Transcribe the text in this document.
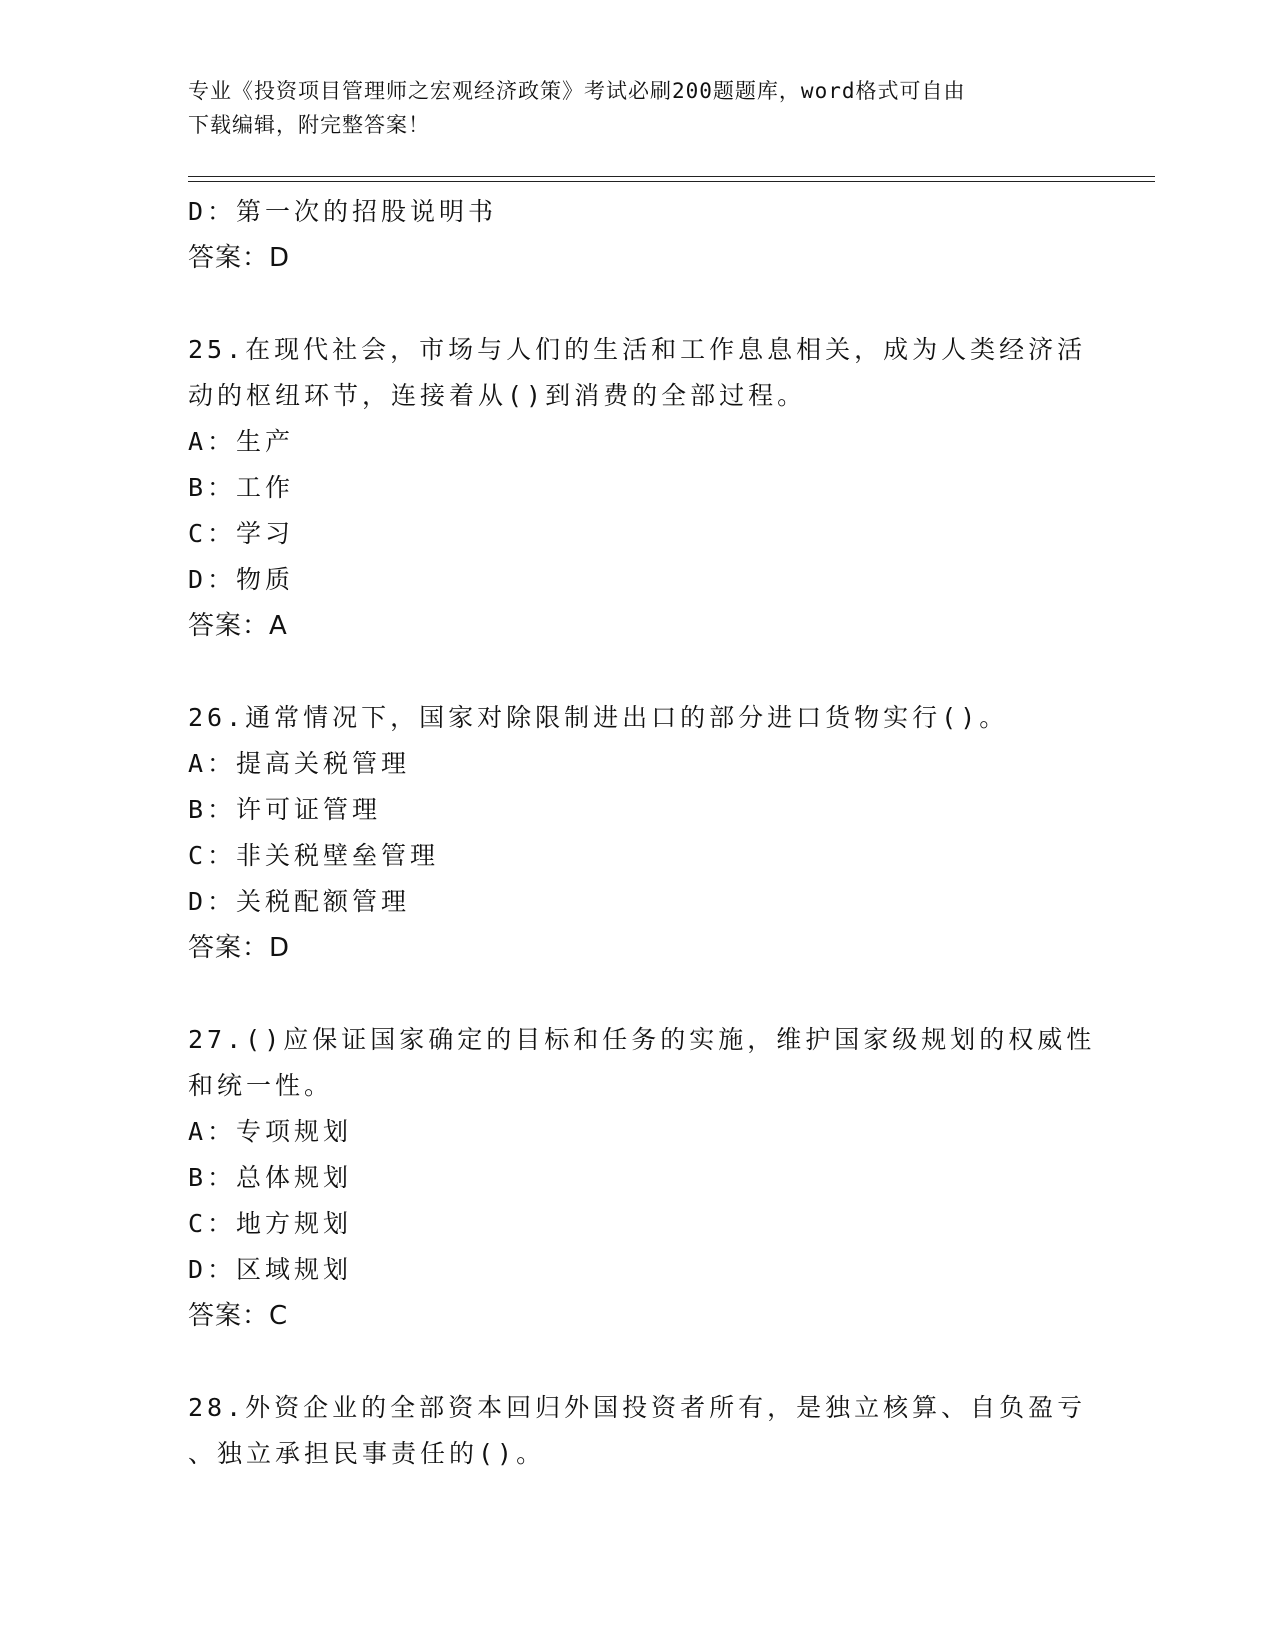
专业《投资项目管理师之宏观经济政策》考试必刷200题题库，word格式可自由
下载编辑，附完整答案！
D：第一次的招股说明书
答案：D
25.在现代社会，市场与人们的生活和工作息息相关，成为人类经济活
动的枢纽环节，连接着从()到消费的全部过程。
A：生产
B：工作
C：学习
D：物质
答案：A
26.通常情况下，国家对除限制进出口的部分进口货物实行()。
A：提高关税管理
B：许可证管理
C：非关税壁垒管理
D：关税配额管理
答案：D
27.()应保证国家确定的目标和任务的实施，维护国家级规划的权威性
和统一性。
A：专项规划
B：总体规划
C：地方规划
D：区域规划
答案：C
28.外资企业的全部资本回归外国投资者所有，是独立核算、自负盈亏
、独立承担民事责任的()。
